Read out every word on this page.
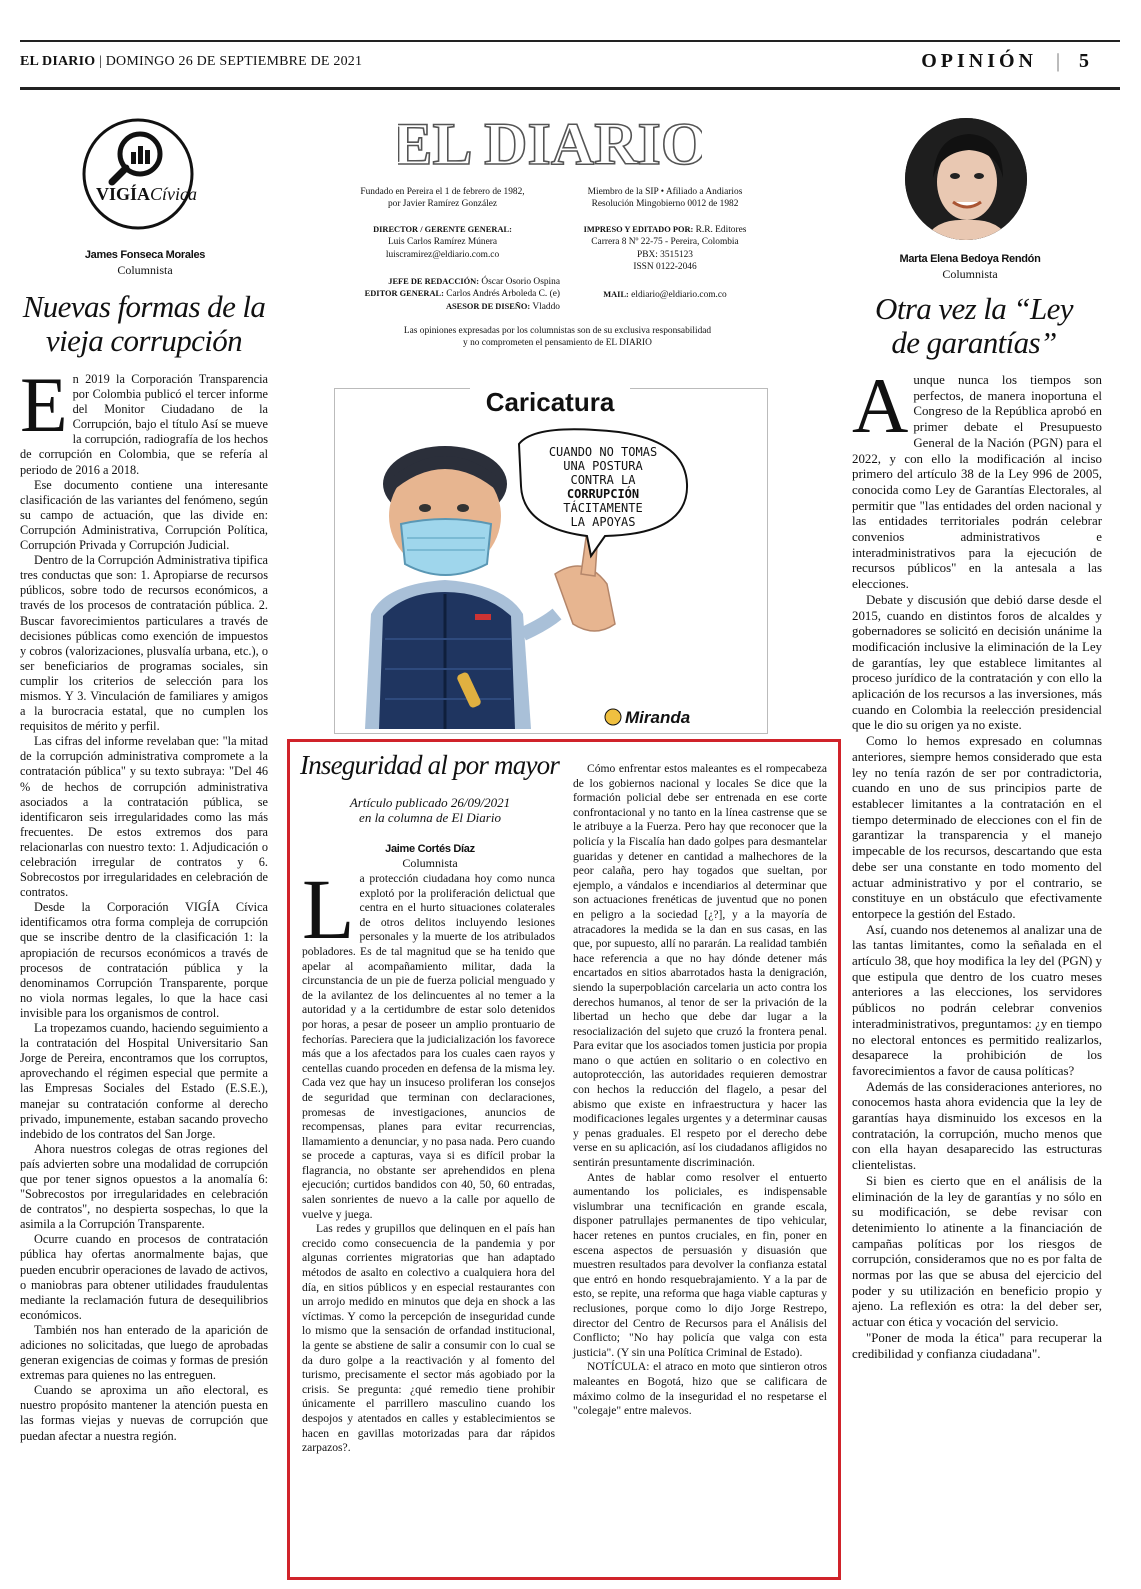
EL DIARIO | DOMINGO 26 DE SEPTIEMBRE DE 2021	OPINIÓN | 5
VIGÍACívica
James Fonseca Morales
Columnista
Nuevas formas de la
vieja corrupción
E n 2019 la Corporación Transparencia por Colombia publicó el tercer informe del Monitor Ciudadano de la Corrupción, bajo el título Así se mueve la corrupción, radiografía de los hechos de corrupción en Colombia, que se refería al periodo de 2016 a 2018.

Ese documento contiene una interesante clasificación de las variantes del fenómeno, según su campo de actuación, que las divide en: Corrupción Administrativa, Corrupción Política, Corrupción Privada y Corrupción Judicial.

Dentro de la Corrupción Administrativa tipifica tres conductas que son: 1. Apropiarse de recursos públicos, sobre todo de recursos económicos, a través de los procesos de contratación pública. 2. Buscar favorecimientos particulares a través de decisiones públicas como exención de impuestos y cobros (valorizaciones, plusvalía urbana, etc.), o ser beneficiarios de programas sociales, sin cumplir los criterios de selección para los mismos. Y 3. Vinculación de familiares y amigos a la burocracia estatal, que no cumplen los requisitos de mérito y perfil.

Las cifras del informe revelaban que: "la mitad de la corrupción administrativa compromete a la contratación pública" y su texto subraya: "Del 46 % de hechos de corrupción administrativa asociados a la contratación pública, se identificaron seis irregularidades como las más frecuentes. De estos extremos dos para relacionarlas con nuestro texto: 1. Adjudicación o celebración irregular de contratos y 6. Sobrecostos por irregularidades en celebración de contratos.

Desde la Corporación VIGÍA Cívica identificamos otra forma compleja de corrupción que se inscribe dentro de la clasificación 1: la apropiación de recursos económicos a través de procesos de contratación pública y la denominamos Corrupción Transparente, porque no viola normas legales, lo que la hace casi invisible para los organismos de control.

La tropezamos cuando, haciendo seguimiento a la contratación del Hospital Universitario San Jorge de Pereira, encontramos que los corruptos, aprovechando el régimen especial que permite a las Empresas Sociales del Estado (E.S.E.), manejar su contratación conforme al derecho privado, impunemente, estaban sacando provecho indebido de los contratos del San Jorge.

Ahora nuestros colegas de otras regiones del país advierten sobre una modalidad de corrupción que por tener signos opuestos a la anomalía 6: "Sobrecostos por irregularidades en celebración de contratos", no despierta sospechas, lo que la asimila a la Corrupción Transparente.

Ocurre cuando en procesos de contratación pública hay ofertas anormalmente bajas, que pueden encubrir operaciones de lavado de activos, o maniobras para obtener utilidades fraudulentas mediante la reclamación futura de desequilibrios económicos.

También nos han enterado de la aparición de adiciones no solicitadas, que luego de aprobadas generan exigencias de coimas y formas de presión extremas para quienes no las entreguen.

Cuando se aproxima un año electoral, es nuestro propósito mantener la atención puesta en las formas viejas y nuevas de corrupción que puedan afectar a nuestra región.

EL DIARIO
Fundado en Pereira el 1 de febrero de 1982,
por Javier Ramírez González
Miembro de la SIP • Afiliado a Andiarios
Resolución Mingobierno 0012 de 1982
DIRECTOR / GERENTE GENERAL:
Luis Carlos Ramírez Múnera
luiscramirez@eldiario.com.co
IMPRESO Y EDITADO POR: R.R. Editores
Carrera 8 Nº 22-75 - Pereira, Colombia
PBX: 3515123
ISSN 0122-2046
JEFE DE REDACCIÓN: Óscar Osorio Ospina
EDITOR GENERAL: Carlos Andrés Arboleda C. (e)
ASESOR DE DISEÑO: Vladdo
MAIL: eldiario@eldiario.com.co
Las opiniones expresadas por los columnistas son de su exclusiva responsabilidad
y no comprometen el pensamiento de EL DIARIO
Caricatura
CUANDO NO TOMAS
UNA POSTURA
CONTRA LA
CORRUPCIÓN
TÁCITAMENTE
LA APOYAS
Miranda
Inseguridad al por mayor
Artículo publicado 26/09/2021
en la columna de El Diario
Jaime Cortés Díaz
Columnista
L a protección ciudadana hoy como nunca explotó por la proliferación delictual que centra en el hurto situaciones colaterales de otros delitos incluyendo lesiones personales y la muerte de los atribulados pobladores. Es de tal magnitud que se ha tenido que apelar al acompañamiento militar, dada la circunstancia de un pie de fuerza policial menguado y de la avilantez de los delincuentes al no temer a la autoridad y a la certidumbre de estar solo detenidos por horas, a pesar de poseer un amplio prontuario de fechorías. Pareciera que la judicialización los favorece más que a los afectados para los cuales caen rayos y centellas cuando proceden en defensa de la misma ley. Cada vez que hay un insuceso proliferan los consejos de seguridad que terminan con declaraciones, promesas de investigaciones, anuncios de recompensas, planes para evitar recurrencias, llamamiento a denunciar, y no pasa nada. Pero cuando se procede a capturas, vaya si es difícil probar la flagrancia, no obstante ser aprehendidos en plena ejecución; curtidos bandidos con 40, 50, 60 entradas, salen sonrientes de nuevo a la calle por aquello de vuelve y juega.

Las redes y grupillos que delinquen en el país han crecido como consecuencia de la pandemia y por algunas corrientes migratorias que han adaptado métodos de asalto en colectivo a cualquiera hora del día, en sitios públicos y en especial restaurantes con un arrojo medido en minutos que deja en shock a las víctimas. Y como la percepción de inseguridad cunde lo mismo que la sensación de orfandad institucional, la gente se abstiene de salir a consumir con lo cual se da duro golpe a la reactivación y al fomento del turismo, precisamente el sector más agobiado por la crisis. Se pregunta: ¿qué remedio tiene prohibir únicamente el parrillero masculino cuando los despojos y atentados en calles y establecimientos se hacen en gavillas motorizadas para dar rápidos zarpazos?.

Cómo enfrentar estos maleantes es el rompecabeza de los gobiernos nacional y locales Se dice que la formación policial debe ser entrenada en ese corte confrontacional y no tanto en la línea castrense que se le atribuye a la Fuerza. Pero hay que reconocer que la policía y la Fiscalía han dado golpes para desmantelar guaridas y detener en cantidad a malhechores de la peor calaña, pero hay togados que sueltan, por ejemplo, a vándalos e incendiarios al determinar que son actuaciones frenéticas de juventud que no ponen en peligro a la sociedad [¿?], y a la mayoría de atracadores la medida se la dan en sus casas, en las que, por supuesto, allí no pararán. La realidad también hace referencia a que no hay dónde detener más encartados en sitios abarrotados hasta la denigración, siendo la superpoblación carcelaria un acto contra los derechos humanos, al tenor de ser la privación de la libertad un hecho que debe dar lugar a la resocialización del sujeto que cruzó la frontera penal. Para evitar que los asociados tomen justicia por propia mano o que actúen en solitario o en colectivo en autoprotección, las autoridades requieren demostrar con hechos la reducción del flagelo, a pesar del abismo que existe en infraestructura y hacer las modificaciones legales urgentes y a determinar causas y penas graduales. El respeto por el derecho debe verse en su aplicación, así los ciudadanos afligidos no sentirán presuntamente discriminación.

Antes de hablar como resolver el entuerto aumentando los policiales, es indispensable vislumbrar una tecnificación en grande escala, disponer patrullajes permanentes de tipo vehicular, hacer retenes en puntos cruciales, en fin, poner en escena aspectos de persuasión y disuasión que muestren resultados para devolver la confianza estatal que entró en hondo resquebrajamiento. Y a la par de esto, se repite, una reforma que haga viable capturas y reclusiones, porque como lo dijo Jorge Restrepo, director del Centro de Recursos para el Análisis del Conflicto; "No hay policía que valga con esta justicia". (Y sin una Política Criminal de Estado).

NOTÍCULA: el atraco en moto que sintieron otros maleantes en Bogotá, hizo que se calificara de máximo colmo de la inseguridad el no respetarse el "colegaje" entre malevos.

Marta Elena Bedoya Rendón
Columnista
Otra vez la “Ley
de garantías”
A unque nunca los tiempos son perfectos, de manera inoportuna el Congreso de la República aprobó en primer debate el Presupuesto General de la Nación (PGN) para el 2022, y con ello la modificación al inciso primero del artículo 38 de la Ley 996 de 2005, conocida como Ley de Garantías Electorales, al permitir que "las entidades del orden nacional y las entidades territoriales podrán celebrar convenios administrativos e interadministrativos para la ejecución de recursos públicos" en la antesala a las elecciones.

Debate y discusión que debió darse desde el 2015, cuando en distintos foros de alcaldes y gobernadores se solicitó en decisión unánime la modificación inclusive la eliminación de la Ley de garantías, ley que establece limitantes al proceso jurídico de la contratación y con ello la aplicación de los recursos a las inversiones, más cuando en Colombia la reelección presidencial que le dio su origen ya no existe.

Como lo hemos expresado en columnas anteriores, siempre hemos considerado que esta ley no tenía razón de ser por contradictoria, cuando en uno de sus principios parte de establecer limitantes a la contratación en el tiempo determinado de elecciones con el fin de garantizar la transparencia y el manejo impecable de los recursos, descartando que esta debe ser una constante en todo momento del actuar administrativo y por el contrario, se constituye en un obstáculo que efectivamente entorpece la gestión del Estado.

Así, cuando nos detenemos al analizar una de las tantas limitantes, como la señalada en el artículo 38, que hoy modifica la ley del (PGN) y que estipula que dentro de los cuatro meses anteriores a las elecciones, los servidores públicos no podrán celebrar convenios interadministrativos, preguntamos: ¿y en tiempo no electoral entonces es permitido realizarlos, desaparece la prohibición de los favorecimientos a favor de causa políticas?

Además de las consideraciones anteriores, no conocemos hasta ahora evidencia que la ley de garantías haya disminuido los excesos en la contratación, la corrupción, mucho menos que con ella hayan desaparecido las estructuras clientelistas.

Si bien es cierto que en el análisis de la eliminación de la ley de garantías y no sólo en su modificación, se debe revisar con detenimiento lo atinente a la financiación de campañas políticas por los riesgos de corrupción, consideramos que no es por falta de normas por las que se abusa del ejercicio del poder y su utilización en beneficio propio y ajeno. La reflexión es otra: la del deber ser, actuar con ética y vocación del servicio.

"Poner de moda la ética" para recuperar la credibilidad y confianza ciudadana".
